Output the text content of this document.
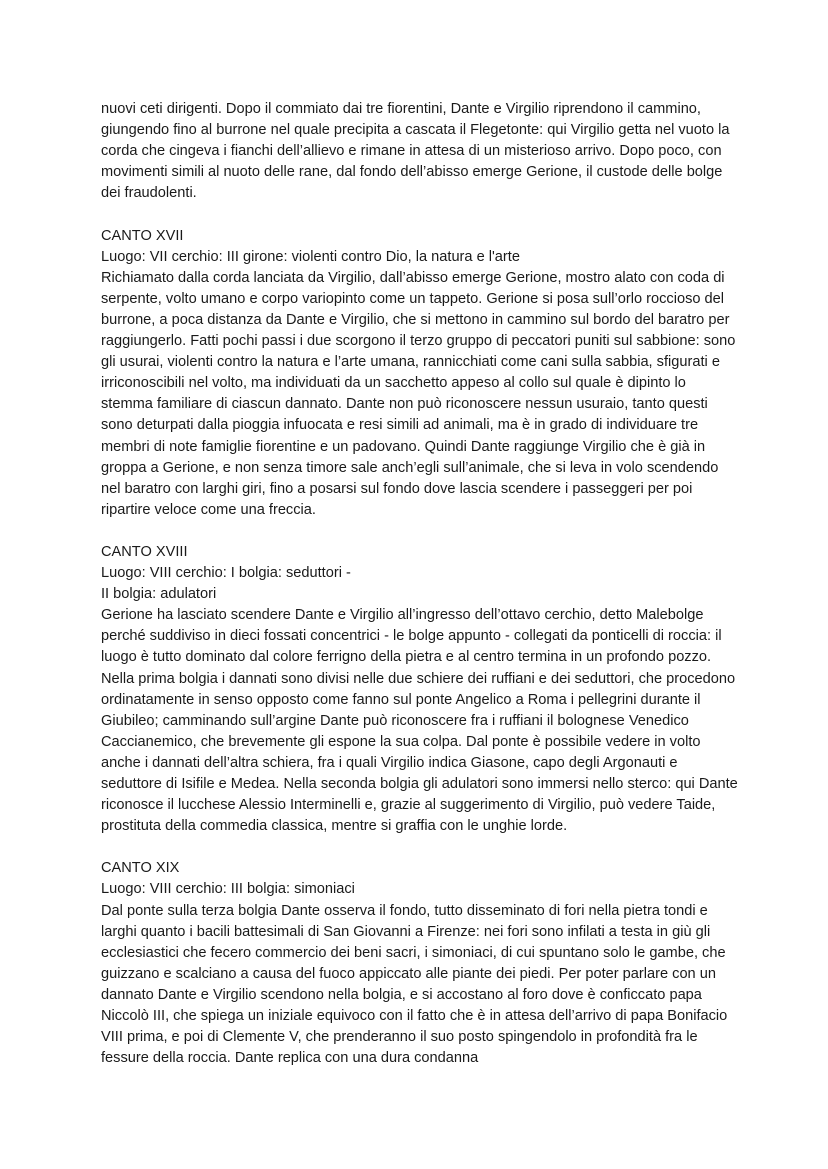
nuovi ceti dirigenti. Dopo il commiato dai tre fiorentini, Dante e Virgilio riprendono il cammino, giungendo fino al burrone nel quale precipita a cascata il Flegetonte: qui Virgilio getta nel vuoto la corda che cingeva i fianchi dell’allievo e rimane in attesa di un misterioso arrivo. Dopo poco, con movimenti simili al nuoto delle rane, dal fondo dell’abisso emerge Gerione, il custode delle bolge dei fraudolenti.

CANTO XVII

Luogo: VII cerchio: III girone: violenti contro Dio, la natura e l'arte

Richiamato dalla corda lanciata da Virgilio, dall’abisso emerge Gerione, mostro alato con coda di serpente, volto umano e corpo variopinto come un tappeto. Gerione si posa sull’orlo roccioso del burrone, a poca distanza da Dante e Virgilio, che si mettono in cammino sul bordo del baratro per raggiungerlo. Fatti pochi passi i due scorgono il terzo gruppo di peccatori puniti sul sabbione: sono gli usurai, violenti contro la natura e l’arte umana, rannicchiati come cani sulla sabbia, sfigurati e irriconoscibili nel volto, ma individuati da un sacchetto appeso al collo sul quale è dipinto lo stemma familiare di ciascun dannato. Dante non può riconoscere nessun usuraio, tanto questi sono deturpati dalla pioggia infuocata e resi simili ad animali, ma è in grado di individuare tre membri di note famiglie fiorentine e un padovano. Quindi Dante raggiunge Virgilio che è già in groppa a Gerione, e non senza timore sale anch’egli sull’animale, che si leva in volo scendendo nel baratro con larghi giri, fino a posarsi sul fondo dove lascia scendere i passeggeri per poi ripartire veloce come una freccia.

CANTO XVIII

Luogo: VIII cerchio: I bolgia: seduttori -

II bolgia: adulatori

Gerione ha lasciato scendere Dante e Virgilio all’ingresso dell’ottavo cerchio, detto Malebolge perché suddiviso in dieci fossati concentrici - le bolge appunto - collegati da ponticelli di roccia: il luogo è tutto dominato dal colore ferrigno della pietra e al centro termina in un profondo pozzo. Nella prima bolgia i dannati sono divisi nelle due schiere dei ruffiani e dei seduttori, che procedono ordinatamente in senso opposto come fanno sul ponte Angelico a Roma i pellegrini durante il Giubileo; camminando sull’argine Dante può riconoscere fra i ruffiani il bolognese Venedico Caccianemico, che brevemente gli espone la sua colpa. Dal ponte è possibile vedere in volto anche i dannati dell’altra schiera, fra i quali Virgilio indica Giasone, capo degli Argonauti e seduttore di Isifile e Medea. Nella seconda bolgia gli adulatori sono immersi nello sterco: qui Dante riconosce il lucchese Alessio Interminelli e, grazie al suggerimento di Virgilio, può vedere Taide, prostituta della commedia classica, mentre si graffia con le unghie lorde.

CANTO XIX

Luogo: VIII cerchio: III bolgia: simoniaci

Dal ponte sulla terza bolgia Dante osserva il fondo, tutto disseminato di fori nella pietra tondi e larghi quanto i bacili battesimali di San Giovanni a Firenze: nei fori sono infilati a testa in giù gli ecclesiastici che fecero commercio dei beni sacri, i simoniaci, di cui spuntano solo le gambe, che guizzano e scalciano a causa del fuoco appiccato alle piante dei piedi. Per poter parlare con un dannato Dante e Virgilio scendono nella bolgia, e si accostano al foro dove è conficcato papa Niccolò III, che spiega un iniziale equivoco con il fatto che è in attesa dell’arrivo di papa Bonifacio VIII prima, e poi di Clemente V, che prenderanno il suo posto spingendolo in profondità fra le fessure della roccia. Dante replica con una dura condanna
